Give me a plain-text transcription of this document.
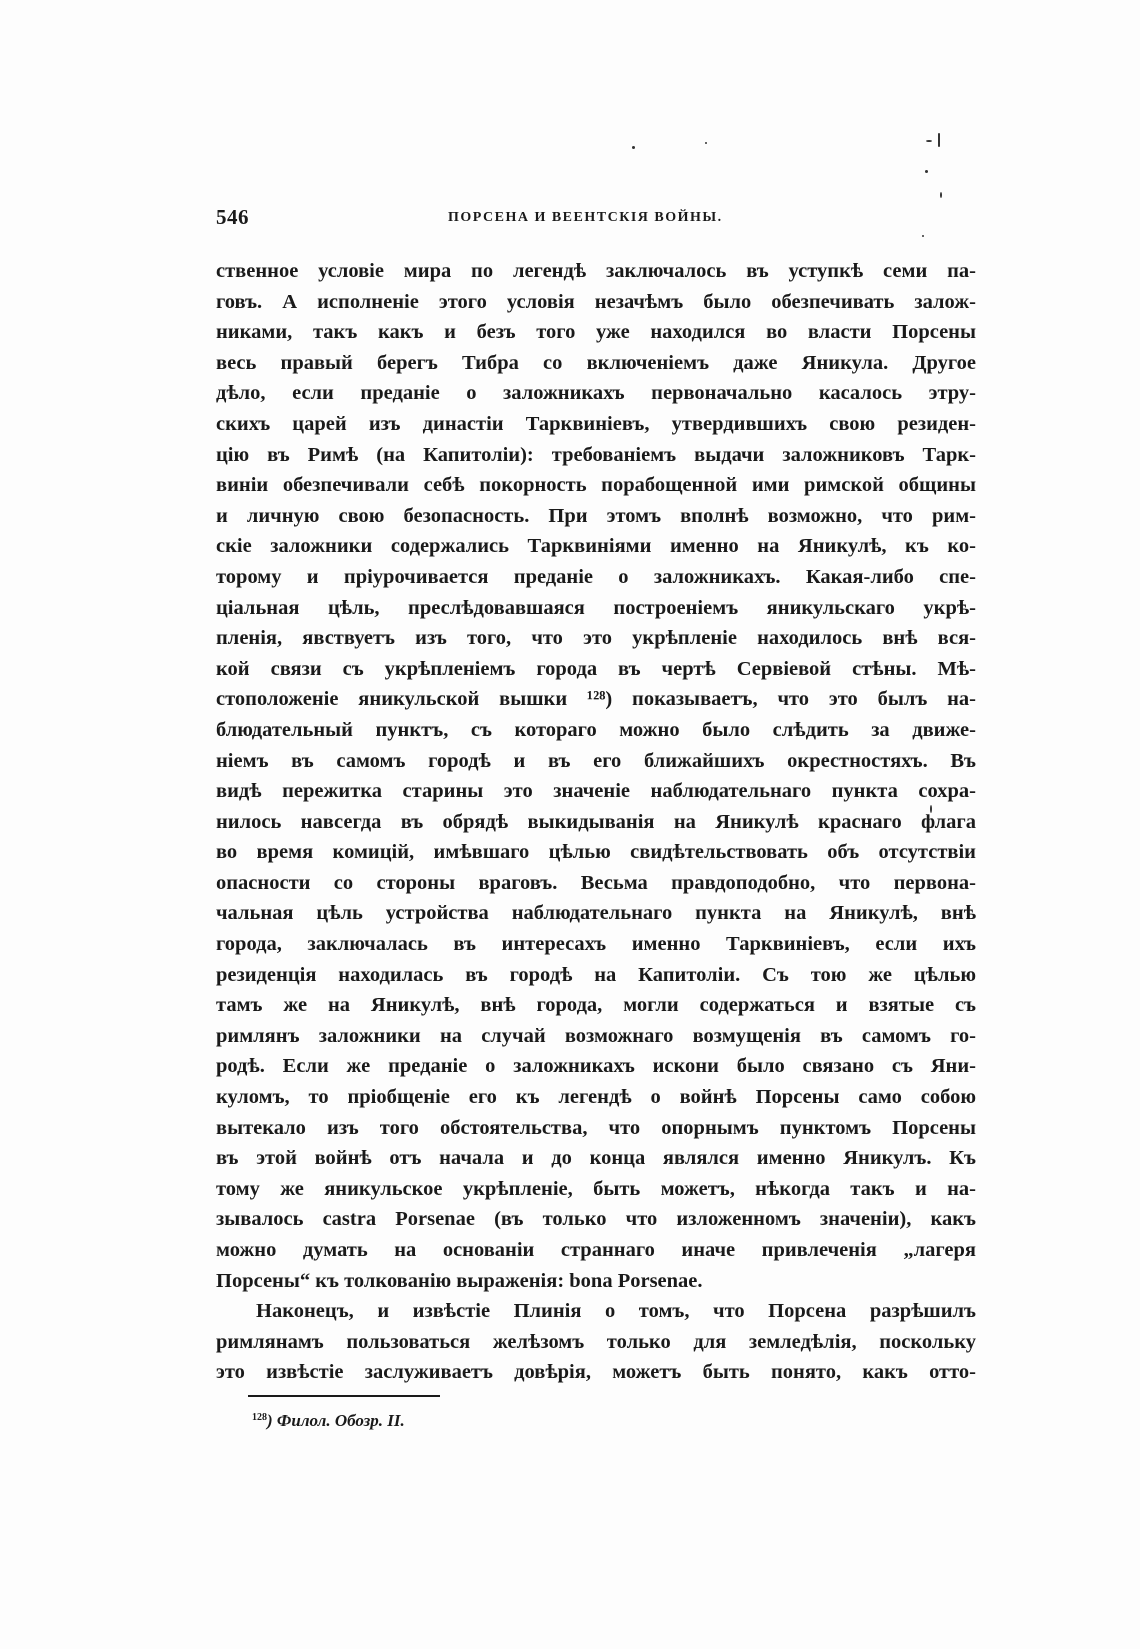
546	ПОРСЕНА И ВЕЕНТСКІЯ ВОЙНЫ.
ственное условіе мира по легендѣ заключалось въ уступкѣ семи па-
говъ. А исполненіе этого условія незачѣмъ было обезпечивать залож-
никами, такъ какъ и безъ того уже находился во власти Порсены
весь правый берегъ Тибра со включеніемъ даже Яникула. Другое
дѣло, если преданіе о заложникахъ первоначально касалось этру-
скихъ царей изъ династіи Тарквиніевъ, утвердившихъ свою резиден-
цію въ Римѣ (на Капитоліи): требованіемъ выдачи заложниковъ Тарк-
виніи обезпечивали себѣ покорность порабощенной ими римской общины
и личную свою безопасность. При этомъ вполнѣ возможно, что рим-
скіе заложники содержались Тарквиніями именно на Яникулѣ, къ ко-
торому и пріурочивается преданіе о заложникахъ. Какая-либо спе-
ціальная цѣль, преслѣдовавшаяся построеніемъ яникульскаго укрѣ-
пленія, явствуетъ изъ того, что это укрѣпленіе находилось внѣ вся-
кой связи съ укрѣпленіемъ города въ чертѣ Сервіевой стѣны. Мѣ-
стоположеніе яникульской вышки ¹²⁸) показываетъ, что это былъ на-
блюдательный пунктъ, съ котораго можно было слѣдить за движе-
ніемъ въ самомъ городѣ и въ его ближайшихъ окрестностяхъ. Въ
видѣ пережитка старины это значеніе наблюдательнаго пункта сохра-
нилось навсегда въ обрядѣ выкидыванія на Яникулѣ краснаго флага
во время комицій, имѣвшаго цѣлью свидѣтельствовать объ отсутствіи
опасности со стороны враговъ. Весьма правдоподобно, что первона-
чальная цѣль устройства наблюдательнаго пункта на Яникулѣ, внѣ
города, заключалась въ интересахъ именно Тарквиніевъ, если ихъ
резиденція находилась въ городѣ на Капитоліи. Съ тою же цѣлью
тамъ же на Яникулѣ, внѣ города, могли содержаться и взятые съ
римлянъ заложники на случай возможнаго возмущенія въ самомъ го-
родѣ. Если же преданіе о заложникахъ искони было связано съ Яни-
куломъ, то пріобщеніе его къ легендѣ о войнѣ Порсены само собою
вытекало изъ того обстоятельства, что опорнымъ пунктомъ Порсены
въ этой войнѣ отъ начала и до конца являлся именно Яникулъ. Къ
тому же яникульское укрѣпленіе, быть можетъ, нѣкогда такъ и на-
зывалось castra Porsenae (въ только что изложенномъ значеніи), какъ
можно думать на основаніи страннаго иначе привлеченія „лагеря
Порсены“ къ толкованію выраженія: bona Porsenae.
Наконецъ, и извѣстіе Плинія о томъ, что Порсена разрѣшилъ
римлянамъ пользоваться желѣзомъ только для земледѣлія, поскольку
это извѣстіе заслуживаетъ довѣрія, можетъ быть понято, какъ отто-
$^{128}$) Филол. Обозр. II.
